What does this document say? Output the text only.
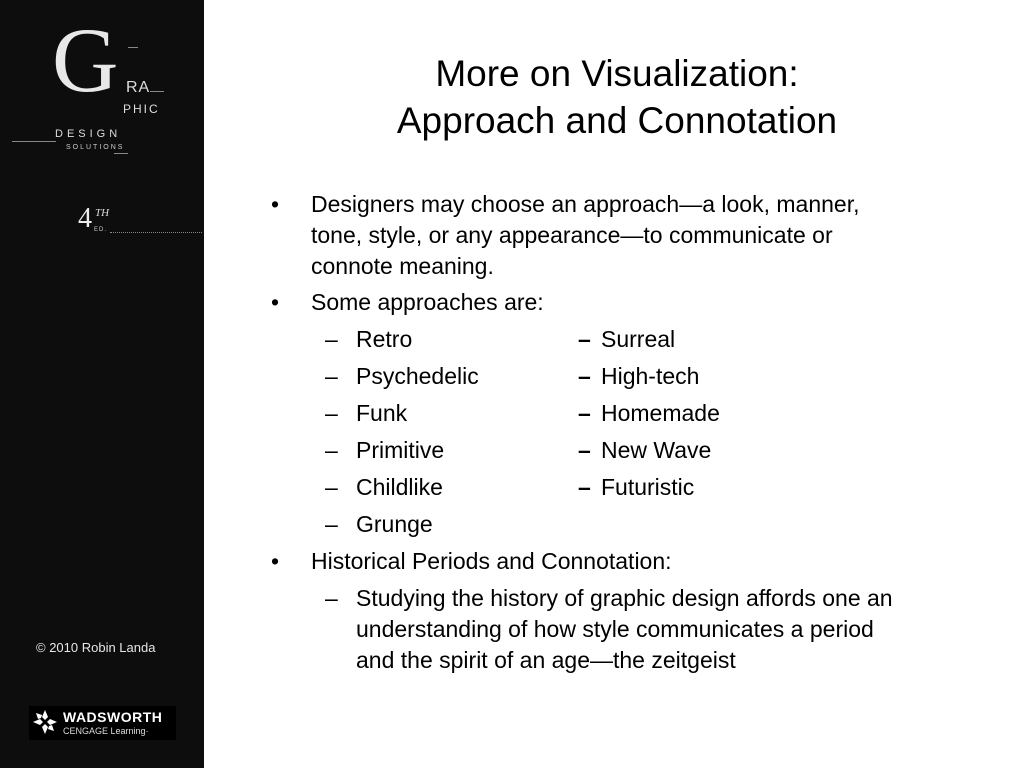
G RA
PHIC
DESIGN
SOLUTIONS
4 TH
ED.
© 2010 Robin Landa
WADSWORTH
CENGAGE Learning·
More on Visualization:
Approach and Connotation
• Designers may choose an approach—a look, manner,
tone, style, or any appearance—to communicate or
connote meaning.
• Some approaches are:
– Retro
– Psychedelic
– Funk
– Primitive
– Childlike
– Grunge
– Surreal
– High-tech
– Homemade
– New Wave
– Futuristic
• Historical Periods and Connotation:
– Studying the history of graphic design affords one an
understanding of how style communicates a period
and the spirit of an age—the zeitgeist
